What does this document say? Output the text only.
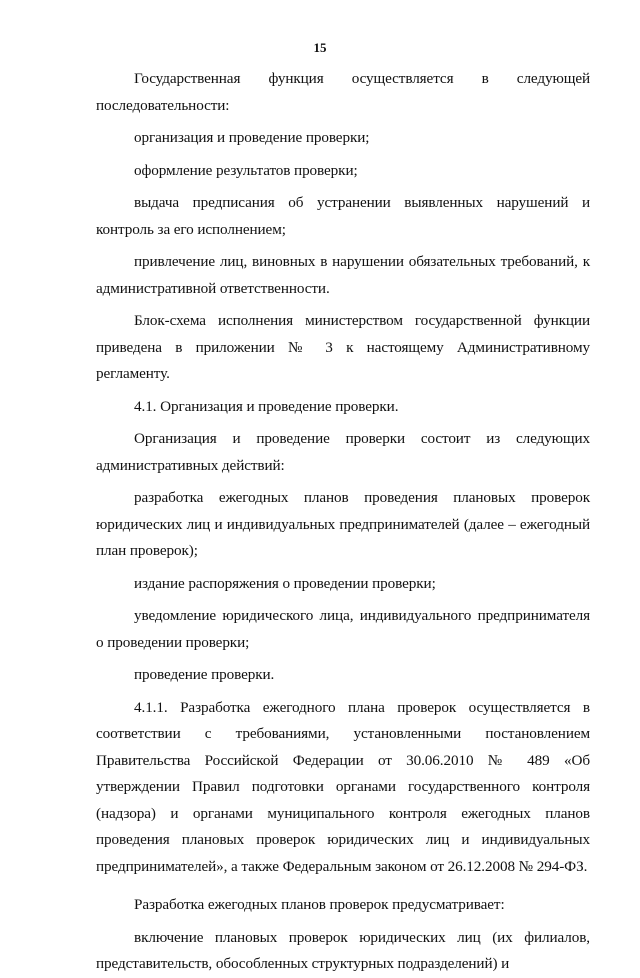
15

Государственная функция осуществляется в следующей последовательности:

организация и проведение проверки;

оформление результатов проверки;

выдача предписания об устранении выявленных нарушений и контроль за его исполнением;

привлечение лиц, виновных в нарушении обязательных требований, к административной ответственности.

Блок-схема исполнения министерством государственной функции приведена в приложении № 3 к настоящему Административному регламенту.

4.1. Организация и проведение проверки.

Организация и проведение проверки состоит из следующих административных действий:

разработка ежегодных планов проведения плановых проверок юридических лиц и индивидуальных предпринимателей (далее – ежегодный план проверок);

издание распоряжения о проведении проверки;

уведомление юридического лица, индивидуального предпринимателя о проведении проверки;

проведение проверки.

4.1.1. Разработка ежегодного плана проверок осуществляется в соответствии с требованиями, установленными постановлением Правительства Российской Федерации от 30.06.2010 № 489 «Об утверждении Правил подготовки органами государственного контроля (надзора) и органами муниципального контроля ежегодных планов проведения плановых проверок юридических лиц и индивидуальных предпринимателей», а также Федеральным законом от 26.12.2008 № 294-ФЗ.

Разработка ежегодных планов проверок предусматривает:

включение плановых проверок юридических лиц (их филиалов, представительств, обособленных структурных подразделений) и
